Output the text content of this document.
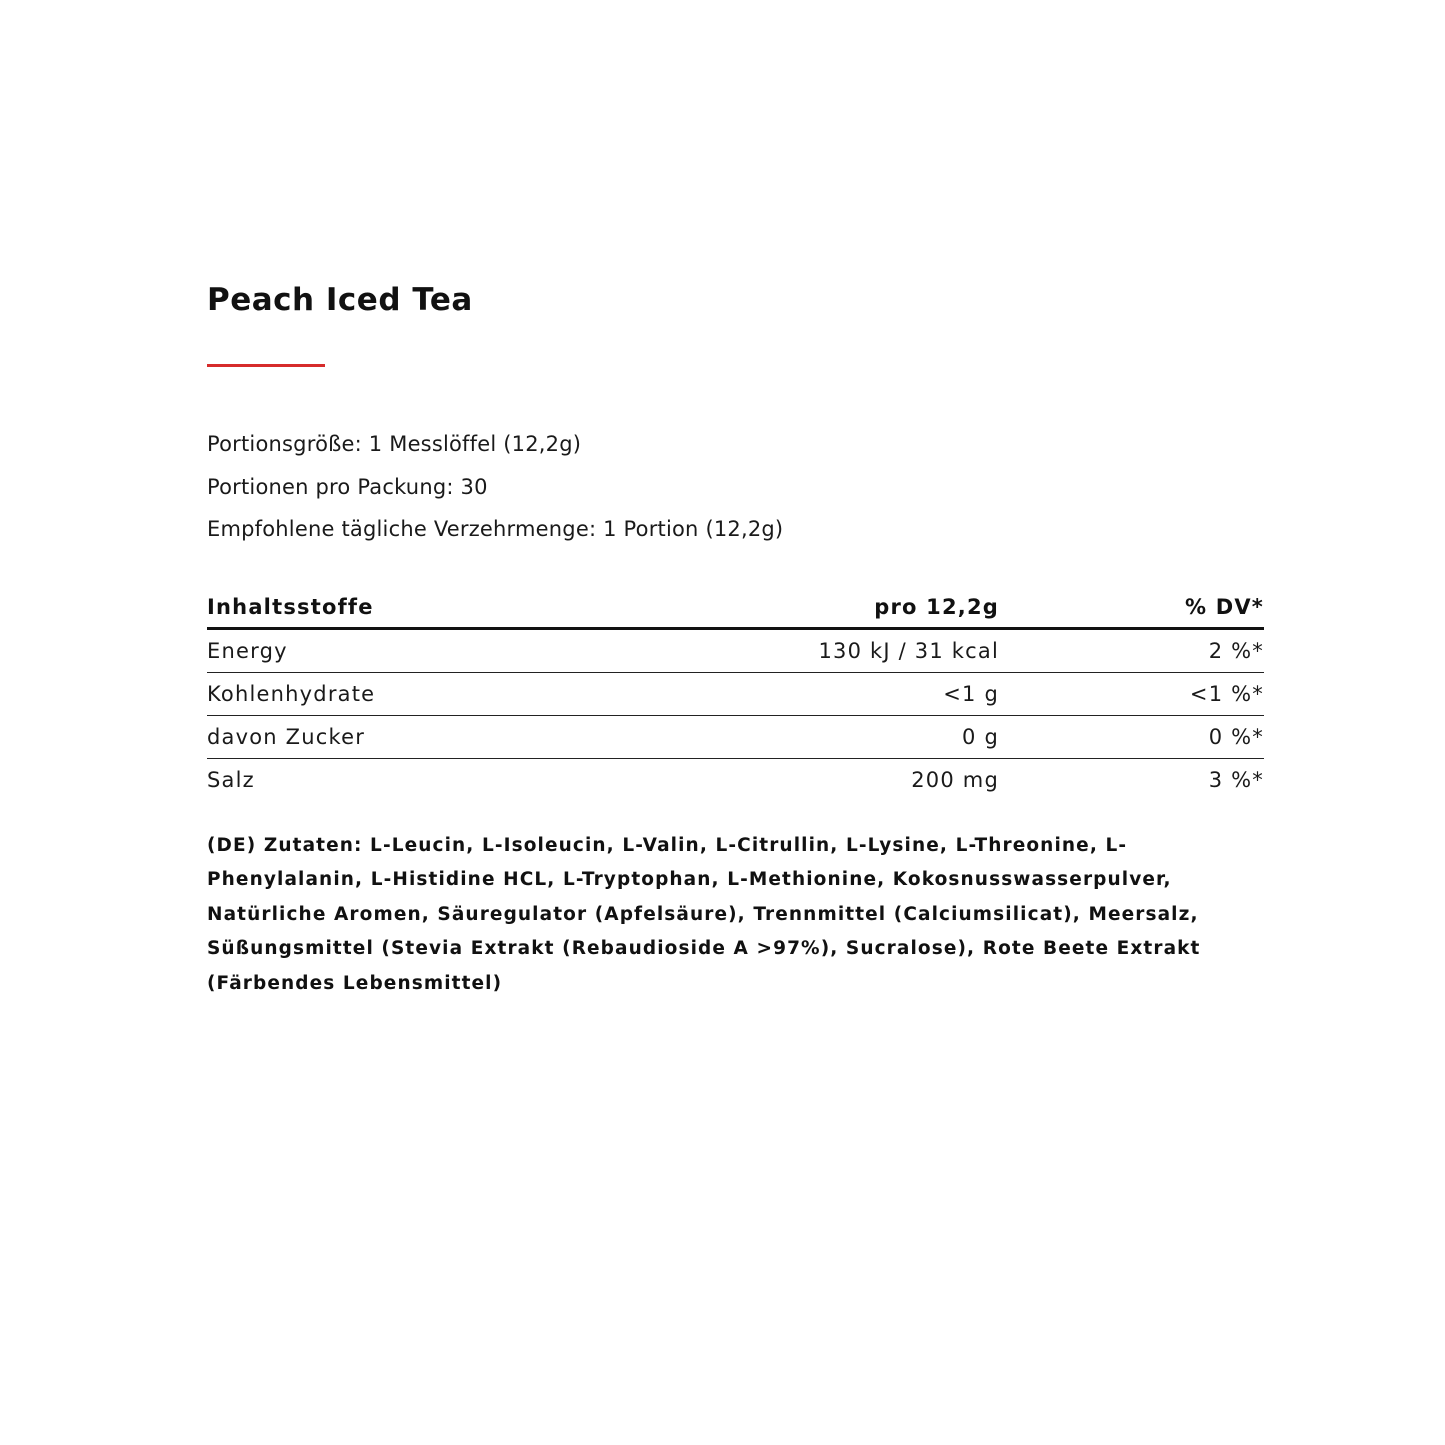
Peach Iced Tea
Portionsgröße: 1 Messlöffel (12,2g)
Portionen pro Packung: 30
Empfohlene tägliche Verzehrmenge: 1 Portion (12,2g)
Inhaltsstoffe	pro 12,2g	% DV*
Energy	130 kJ / 31 kcal	2 %*
Kohlenhydrate	<1 g	<1 %*
davon Zucker	0 g	0 %*
Salz	200 mg	3 %*
(DE) Zutaten: L-Leucin, L-Isoleucin, L-Valin, L-Citrullin, L-Lysine, L-Threonine, L-Phenylalanin, L-Histidine HCL, L-Tryptophan, L-Methionine, Kokosnusswasserpulver, Natürliche Aromen, Säuregulator (Apfelsäure), Trennmittel (Calciumsilicat), Meersalz, Süßungsmittel (Stevia Extrakt (Rebaudioside A >97%), Sucralose), Rote Beete Extrakt (Färbendes Lebensmittel)
